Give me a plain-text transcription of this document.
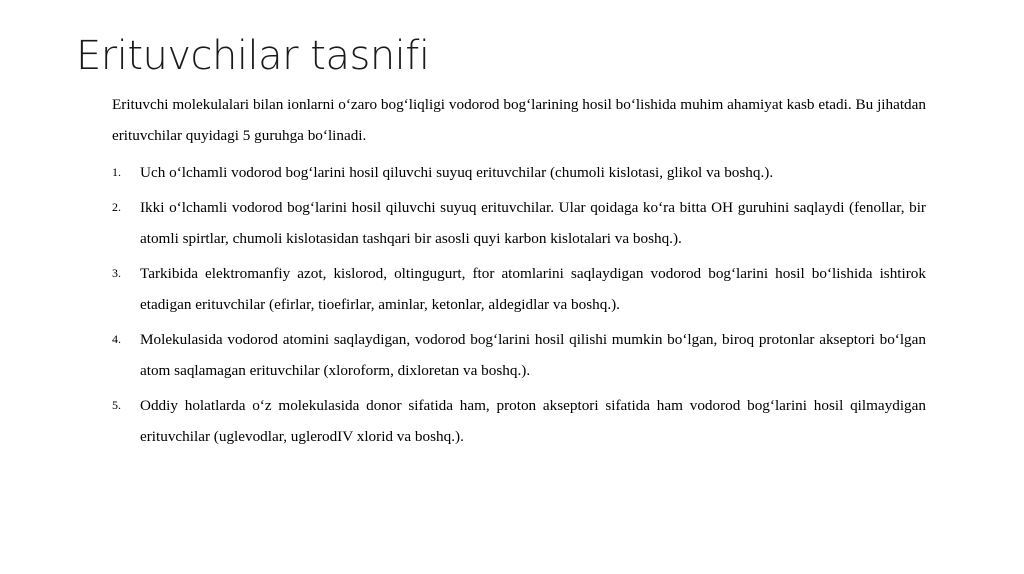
Erituvchilar tasnifi

Erituvchi molekulalari bilan ionlarni o‘zaro bog‘liqligi vodorod bog‘larining hosil bo‘lishida muhim ahamiyat kasb etadi. Bu jihatdan erituvchilar quyidagi 5 guruhga bo‘linadi.

1. Uch o‘lchamli vodorod bog‘larini hosil qiluvchi suyuq erituvchilar (chumoli kislotasi, glikol va boshq.).
2. Ikki o‘lchamli vodorod bog‘larini hosil qiluvchi suyuq erituvchilar. Ular qoidaga ko‘ra bitta OH guruhini saqlaydi (fenollar, bir atomli spirtlar, chumoli kislotasidan tashqari bir asosli quyi karbon kislotalari va boshq.).
3. Tarkibida elektromanfiy azot, kislorod, oltingugurt, ftor atomlarini saqlaydigan vodorod bog‘larini hosil bo‘lishida ishtirok etadigan erituvchilar (efirlar, tioefirlar, aminlar, ketonlar, aldegidlar va boshq.).
4. Molekulasida vodorod atomini saqlaydigan, vodorod bog‘larini hosil qilishi mumkin bo‘lgan, biroq protonlar akseptori bo‘lgan atom saqlamagan erituvchilar (xloroform, dixloretan va boshq.).
5. Oddiy holatlarda o‘z molekulasida donor sifatida ham, proton akseptori sifatida ham vodorod bog‘larini hosil qilmaydigan erituvchilar (uglevodlar, uglerodIV xlorid va boshq.).
